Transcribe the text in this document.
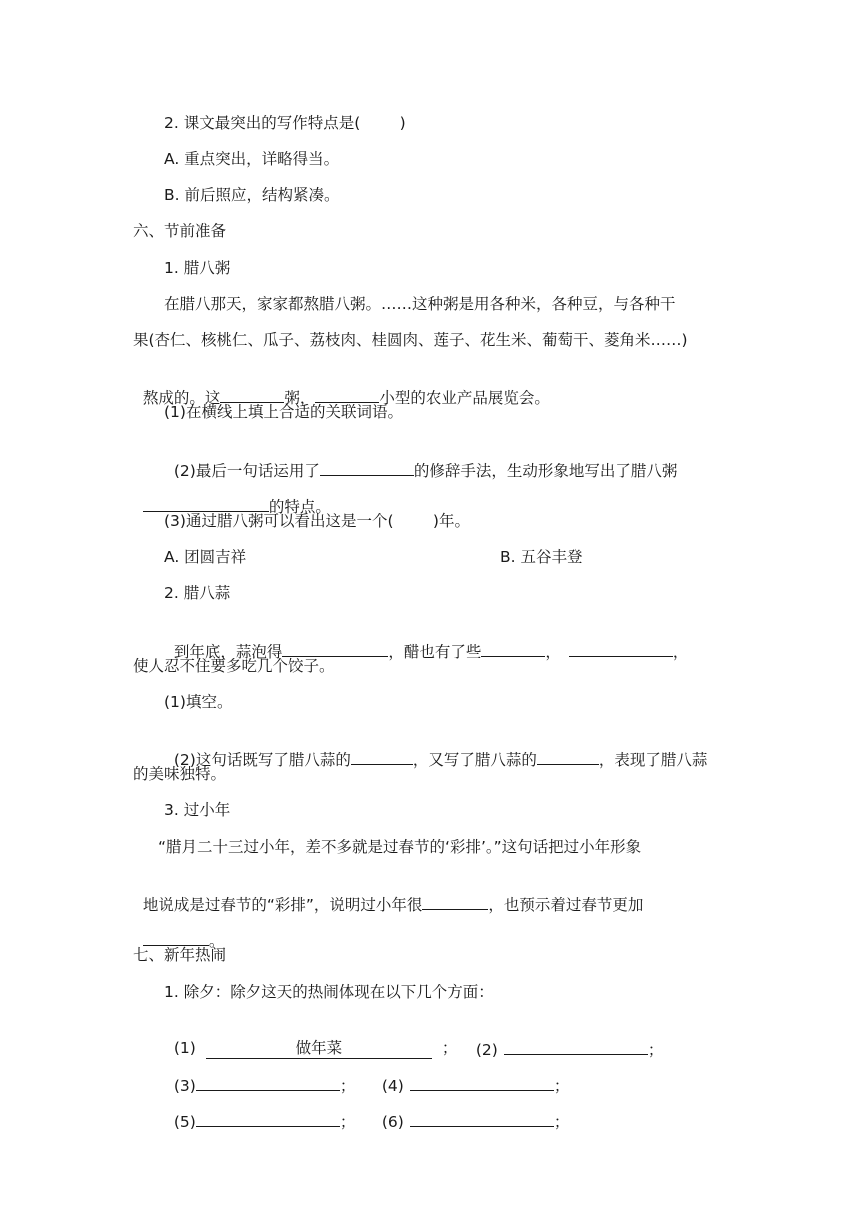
2. 课文最突出的写作特点是(        )
A. 重点突出，详略得当。
B. 前后照应，结构紧凑。
六、节前准备
1. 腊八粥
在腊八那天，家家都熬腊八粥。……这种粥是用各种米，各种豆，与各种干
果(杏仁、核桃仁、瓜子、荔枝肉、桂圆肉、莲子、花生米、葡萄干、菱角米……)

熬成的。这	粥，	小型的农业产品展览会。

(1)在横线上填上合适的关联词语。

(2)最后一句话运用了	的修辞手法，生动形象地写出了腊八粥

的特点。

(3)通过腊八粥可以看出这是一个(        )年。
A. 团圆吉祥	B. 五谷丰登
2. 腊八蒜

到年底，蒜泡得	，醋也有了些	，	，

使人忍不住要多吃几个饺子。
(1)填空。

(2)这句话既写了腊八蒜的	，又写了腊八蒜的	，表现了腊八蒜

的美味独特。
3. 过小年
“腊月二十三过小年，差不多就是过春节的‘彩排’。”这句话把过小年形象

地说成是过春节的“彩排”，说明过小年很	，也预示着过春节更加

。

七、新年热闹
1. 除夕：除夕这天的热闹体现在以下几个方面：

(1)	做年菜	；	(2)	；

(3)	；	(4)	；

(5)	；	(6)	；
